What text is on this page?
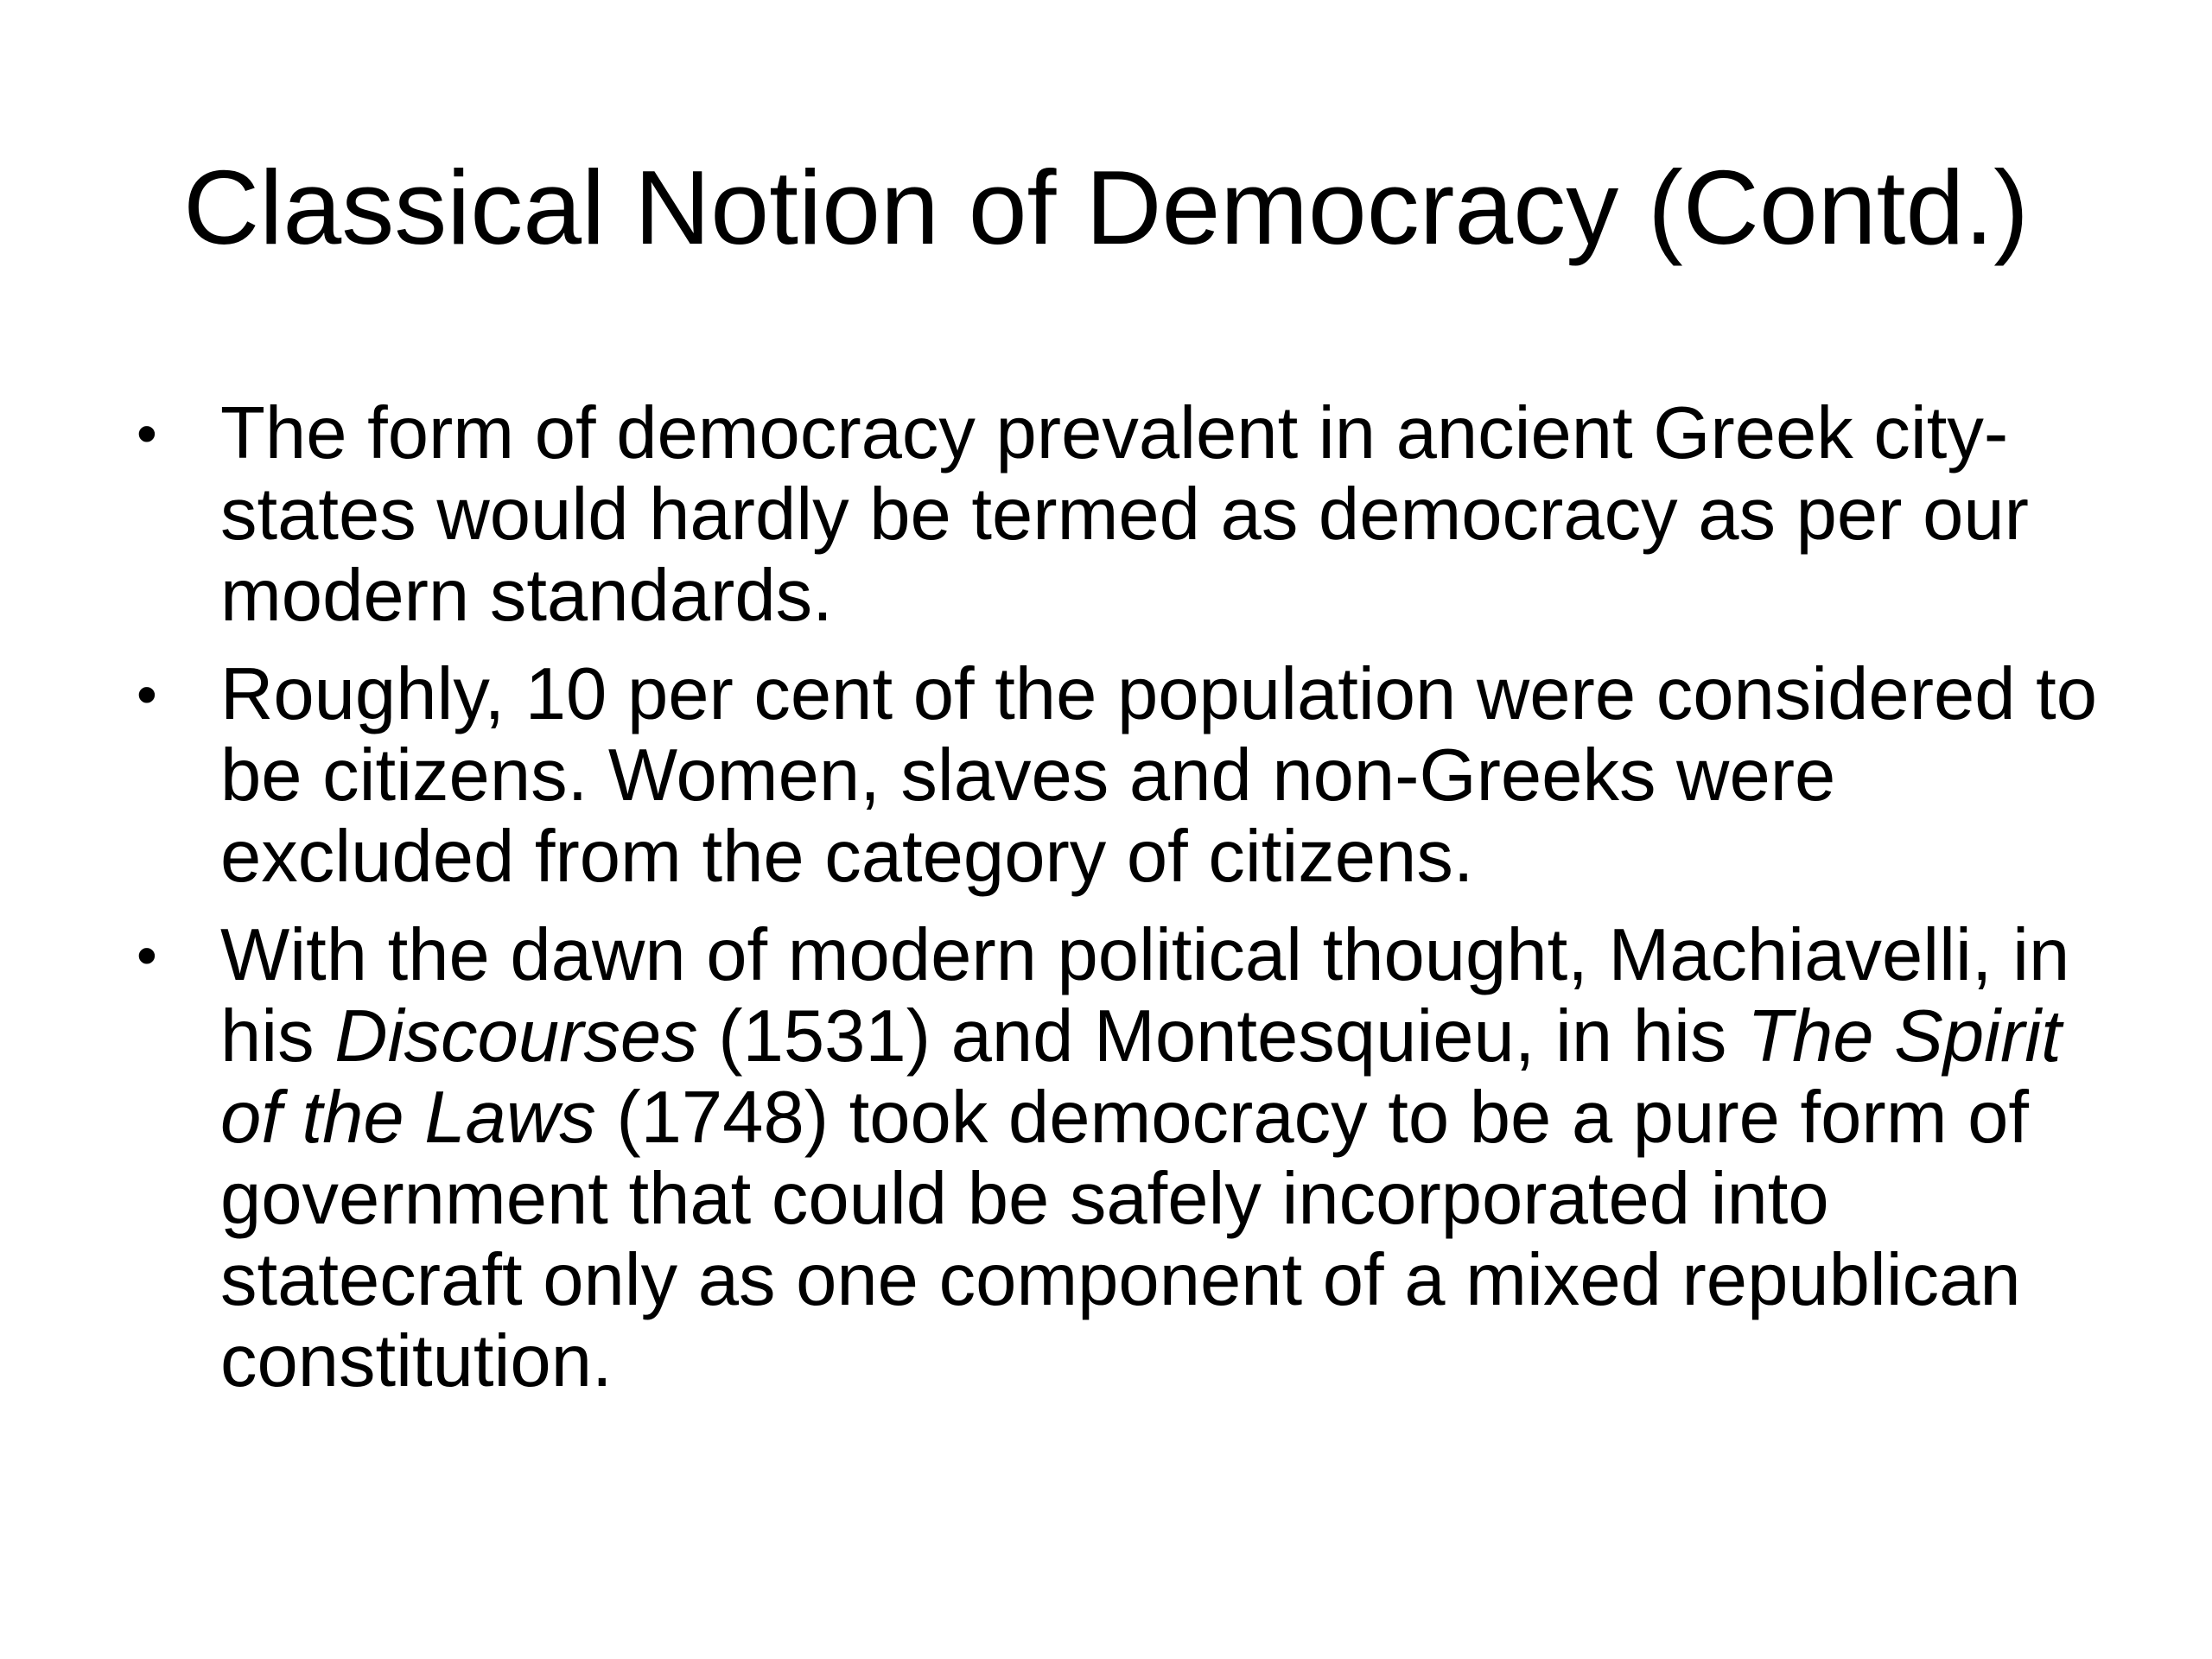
Classical Notion of Democracy (Contd.)
• The form of democracy prevalent in ancient Greek city-states would hardly be termed as democracy as per our modern standards.
• Roughly, 10 per cent of the population were considered to be citizens. Women, slaves and non-Greeks were excluded from the category of citizens.
• With the dawn of modern political thought, Machiavelli, in his Discourses (1531) and Montesquieu, in his The Spirit of the Laws (1748) took democracy to be a pure form of government that could be safely incorporated into statecraft only as one component of a mixed republican constitution.
